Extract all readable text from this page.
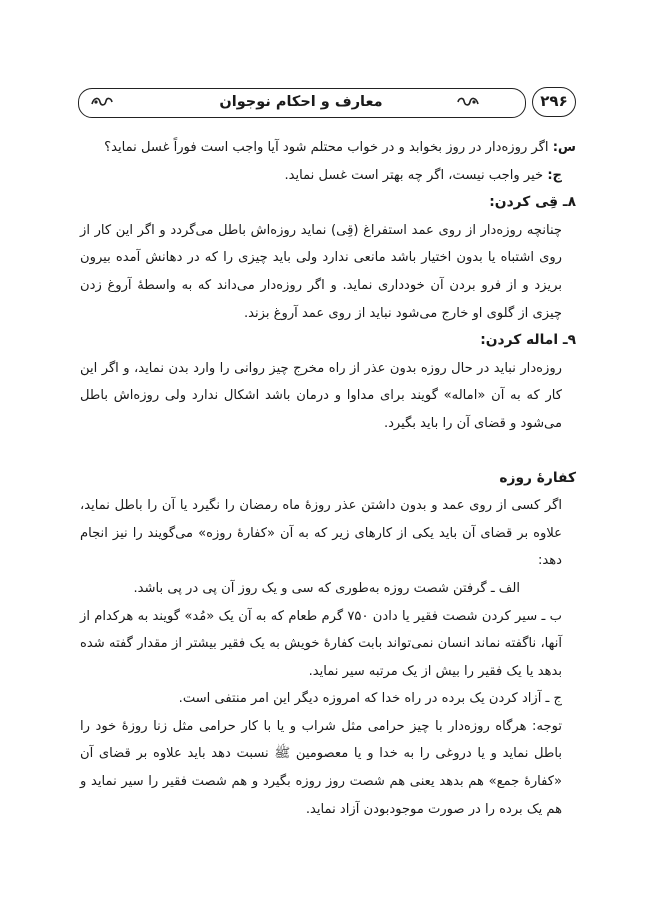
معارف و احکام نوجوان	۲۹۶

س: اگر روزه‌دار در روز بخوابد و در خواب محتلم شود آیا واجب است فوراً غسل نماید؟

ج: خیر واجب نیست، اگر چه بهتر است غسل نماید.

۸ـ قِی کردن:

چنانچه روزه‌دار از روی عمد استفراغ (قِی) نماید روزه‌اش باطل می‌گردد و اگر این کار از روی اشتباه یا بدون اختیار باشد مانعی ندارد ولی باید چیزی را که در دهانش آمده بیرون بریزد و از فرو بردن آن خودداری نماید. و اگر روزه‌دار می‌داند که به واسطهٔ آروغ زدن چیزی از گلوی او خارج می‌شود نباید از روی عمد آروغ بزند.

۹ـ اماله کردن:

روزه‌دار نباید در حال روزه بدون عذر از راه مخرج چیز روانی را وارد بدن نماید، و اگر این کار که به آن «اماله» گویند برای مداوا و درمان باشد اشکال ندارد ولی روزه‌اش باطل می‌شود و قضای آن را باید بگیرد.

کفارهٔ روزه

اگر کسی از روی عمد و بدون داشتن عذر روزهٔ ماه رمضان را نگیرد یا آن را باطل نماید، علاوه بر قضای آن باید یکی از کارهای زیر که به آن «کفارهٔ روزه» می‌گویند را نیز انجام دهد:

الف ـ گرفتن شصت روزه به‌طوری که سی و یک روز آن پی در پی باشد.

ب ـ سیر کردن شصت فقیر یا دادن ۷۵۰ گرم طعام که به آن یک «مُد» گویند به هرکدام از آنها، ناگفته نماند انسان نمی‌تواند بابت کفارهٔ خویش به یک فقیر بیشتر از مقدار گفته شده بدهد یا یک فقیر را بیش از یک مرتبه سیر نماید.

ج ـ آزاد کردن یک برده در راه خدا که امروزه دیگر این امر منتفی است.

توجه: هرگاه روزه‌دار با چیز حرامی مثل شراب و یا با کار حرامی مثل زنا روزهٔ خود را باطل نماید و یا دروغی را به خدا و یا معصومین ﷺ نسبت دهد باید علاوه بر قضای آن «کفارهٔ جمع» هم بدهد یعنی هم شصت روز روزه بگیرد و هم شصت فقیر را سیر نماید و هم یک برده را در صورت موجودبودن آزاد نماید.
